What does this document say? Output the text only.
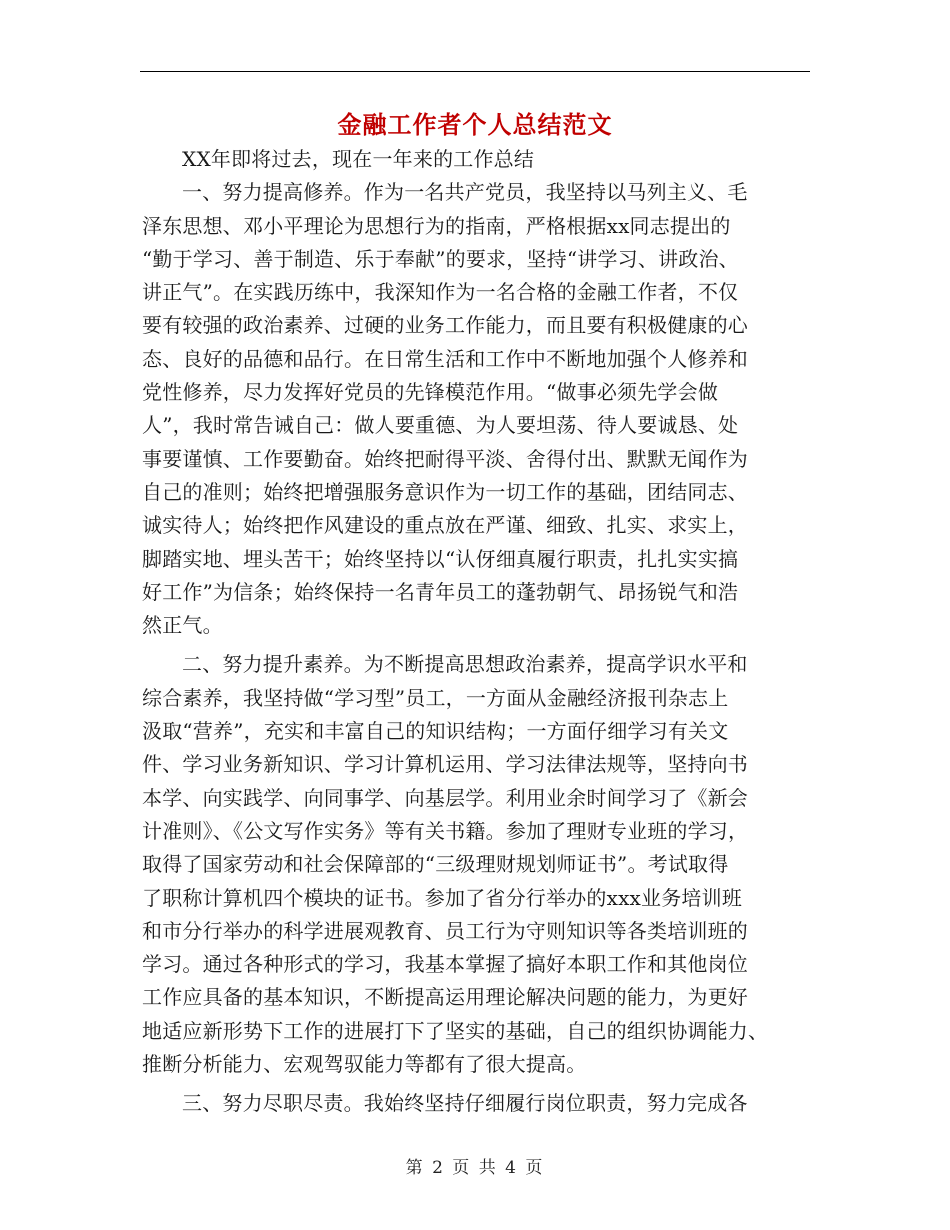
金融工作者个人总结范文
XX年即将过去，现在一年来的工作总结
一、努力提高修养。作为一名共产党员，我坚持以马列主义、毛
泽东思想、邓小平理论为思想行为的指南，严格根据xx同志提出的
“勤于学习、善于制造、乐于奉献”的要求，坚持“讲学习、讲政治、
讲正气”。在实践历练中，我深知作为一名合格的金融工作者，不仅
要有较强的政治素养、过硬的业务工作能力，而且要有积极健康的心
态、良好的品德和品行。在日常生活和工作中不断地加强个人修养和
党性修养，尽力发挥好党员的先锋模范作用。“做事必须先学会做
人”，我时常告诫自己：做人要重德、为人要坦荡、待人要诚恳、处
事要谨慎、工作要勤奋。始终把耐得平淡、舍得付出、默默无闻作为
自己的准则；始终把增强服务意识作为一切工作的基础，团结同志、
诚实待人；始终把作风建设的重点放在严谨、细致、扎实、求实上，
脚踏实地、埋头苦干；始终坚持以“认伢细真履行职责，扎扎实实搞
好工作”为信条；始终保持一名青年员工的蓬勃朝气、昂扬锐气和浩
然正气。
二、努力提升素养。为不断提高思想政治素养，提高学识水平和
综合素养，我坚持做“学习型”员工，一方面从金融经济报刊杂志上
汲取“营养”，充实和丰富自己的知识结构；一方面仔细学习有关文
件、学习业务新知识、学习计算机运用、学习法律法规等，坚持向书
本学、向实践学、向同事学、向基层学。利用业余时间学习了《新会
计准则》、《公文写作实务》等有关书籍。参加了理财专业班的学习，
取得了国家劳动和社会保障部的“三级理财规划师证书”。考试取得
了职称计算机四个模块的证书。参加了省分行举办的xxx业务培训班
和市分行举办的科学进展观教育、员工行为守则知识等各类培训班的
学习。通过各种形式的学习，我基本掌握了搞好本职工作和其他岗位
工作应具备的基本知识，不断提高运用理论解决问题的能力，为更好
地适应新形势下工作的进展打下了坚实的基础，自己的组织协调能力、
推断分析能力、宏观驾驭能力等都有了很大提高。
三、努力尽职尽责。我始终坚持仔细履行岗位职责，努力完成各
第 2 页 共 4 页
